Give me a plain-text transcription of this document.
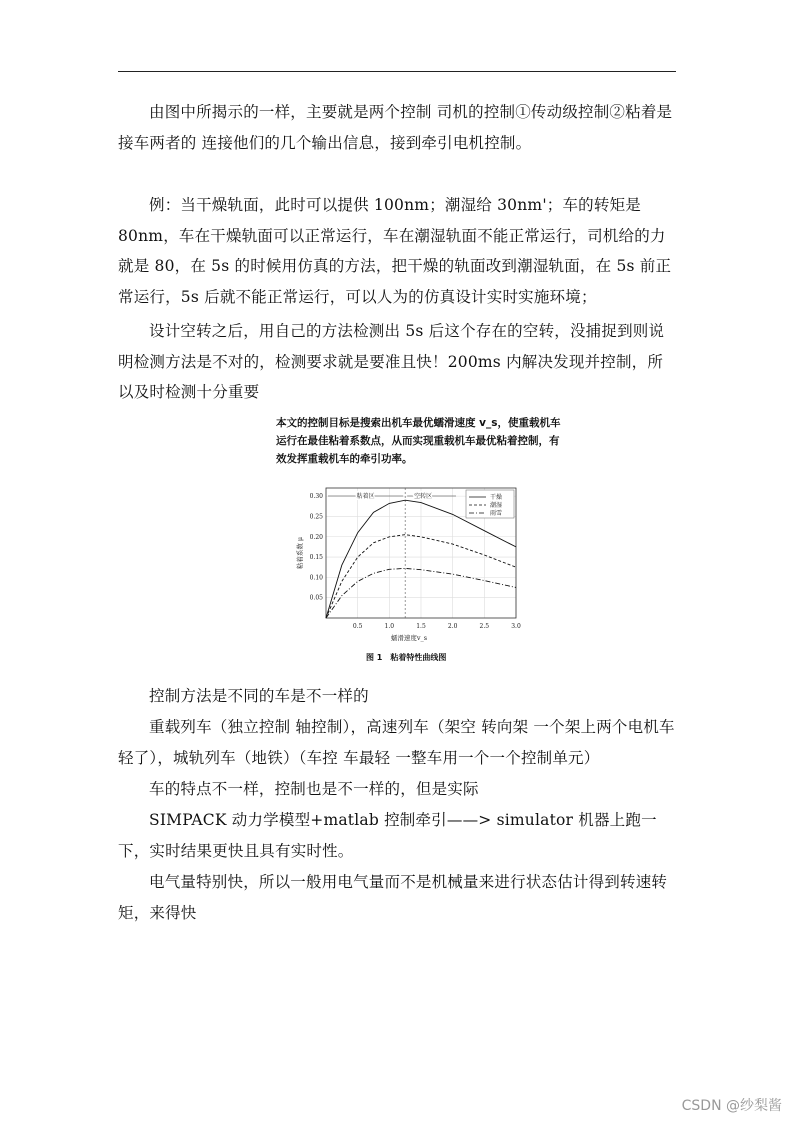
由图中所揭示的一样，主要就是两个控制 司机的控制①传动级控制②粘着是接车两者的 连接他们的几个输出信息，接到牵引电机控制。

例：当干燥轨面，此时可以提供 100nm；潮湿给 30nm'；车的转矩是 80nm，车在干燥轨面可以正常运行，车在潮湿轨面不能正常运行，司机给的力就是 80，在 5s 的时候用仿真的方法，把干燥的轨面改到潮湿轨面，在 5s 前正常运行，5s 后就不能正常运行，可以人为的仿真设计实时实施环境；

设计空转之后，用自己的方法检测出 5s 后这个存在的空转，没捕捉到则说明检测方法是不对的，检测要求就是要准且快！200ms 内解决发现并控制，所以及时检测十分重要

本文的控制目标是搜索出机车最优蠕滑速度 v_s，使重载机车运行在最佳粘着系数点，从而实现重载机车最优粘着控制，有效发挥重载机车的牵引功率。
0.5	1.0	1.5	2.0	2.5	3.0
0.05
0.10
0.15
0.20
0.25
0.30	粘着区	空转区	干燥
潮湿
雨雪
蠕滑速度v_s
粘着系数 μ
图 1　粘着特性曲线图

控制方法是不同的车是不一样的

重载列车（独立控制 轴控制），高速列车（架空 转向架 一个架上两个电机车轻了），城轨列车（地铁）（车控 车最轻 一整车用一个一个控制单元）

车的特点不一样，控制也是不一样的，但是实际

SIMPACK 动力学模型+matlab 控制牵引——> simulator 机器上跑一下，实时结果更快且具有实时性。

电气量特别快，所以一般用电气量而不是机械量来进行状态估计得到转速转矩，来得快

CSDN @纱梨酱
